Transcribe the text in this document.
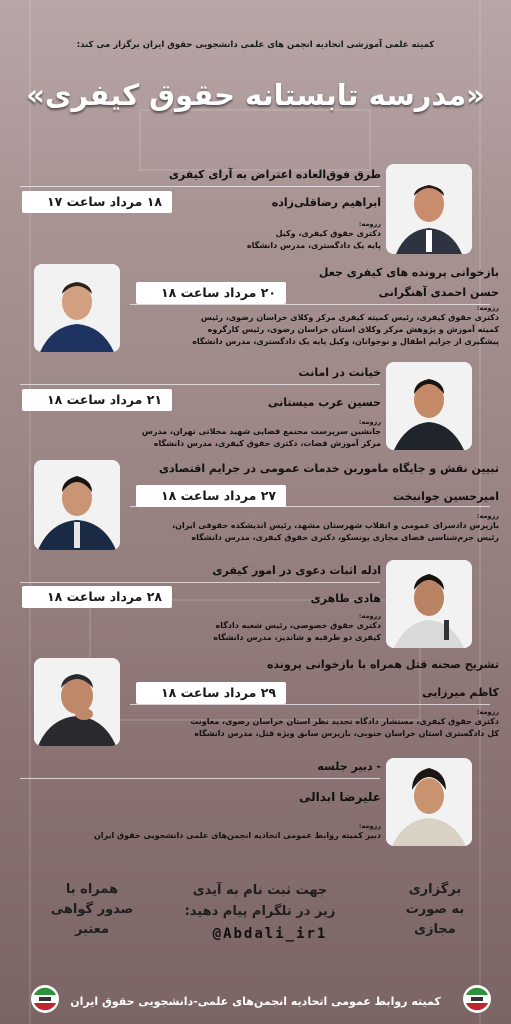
کمیته علمی آموزشی اتحادیه انجمن های علمی دانشجویی حقوق ایران برگزار می کند:
«مدرسه تابستانه حقوق کیفری»
طرق فوق‌العاده اعتراض به آرای کیفری
ابراهیم رضاقلی‌زاده
۱۸ مرداد ساعت ۱۷
رزومه:
دکتری حقوق کیفری، وکیل
پایه یک دادگستری، مدرس دانشگاه
بازخوانی پرونده های کیفری جعل
حسن احمدی آهنگرانی
۲۰ مرداد ساعت ۱۸
رزومه:
دکتری حقوق کیفری، رئیس کمیته کیفری مرکز وکلای خراسان رضوی، رئیس
کمیته آموزش و پژوهش مرکز وکلای استان خراسان رضوی، رئیس کارگروه
پیشگیری از جرایم اطفال و نوجوانان، وکیل پایه یک دادگستری، مدرس دانشگاه
خیانت در امانت
حسین عرب میستانی
۲۱ مرداد ساعت ۱۸
رزومه:
جانشین سرپرست مجتمع قضایی شهید محلاتی تهران، مدرس
مرکز آموزش قضات، دکتری حقوق کیفری، مدرس دانشگاه
تبیین نقش و جایگاه ماموربن خدمات عمومی در جرایم اقتصادی
امیرحسین جوانبخت
۲۷ مرداد ساعت ۱۸
رزومه:
بازپرس دادسرای عمومی و انقلاب شهرستان مشهد، رئیس اندیشکده حقوقی ایران،
رئیس جرم‌شناسی فضای مجازی یونسکو، دکتری حقوق کیفری، مدرس دانشگاه
ادله اثبات دعوی در امور کیفری
هادی طاهری
۲۸ مرداد ساعت ۱۸
رزومه:
دکتری حقوق خصوصی، رئیس شعبه دادگاه
کیفری دو طرقبه و شاندیز، مدرس دانشگاه
تشریح صحنه قتل همراه با بازخوانی پرونده
کاظم میرزایی
۲۹ مرداد ساعت ۱۸
رزومه:
دکتری حقوق کیفری، مستشار دادگاه تجدید نظر استان خراسان رضوی، معاونت
کل دادگستری استان خراسان جنوبی، بازپرس سابق ویژه قتل، مدرس دانشگاه
- دبیر جلسه
علیرضا ابدالی
رزومه:
دبیر کمیته روابط عمومی اتحادیه انجمن‌های علمی دانشجویی حقوق ایران
برگزاری
به صورت
مجازی
جهت ثبت نام به آیدی
زیر در تلگرام پیام دهید:
@Abdali_ir1
همراه با
صدور گواهی
معتبر
کمیته روابط عمومی اتحادیه انجمن‌های علمی-دانشجویی حقوق ایران
